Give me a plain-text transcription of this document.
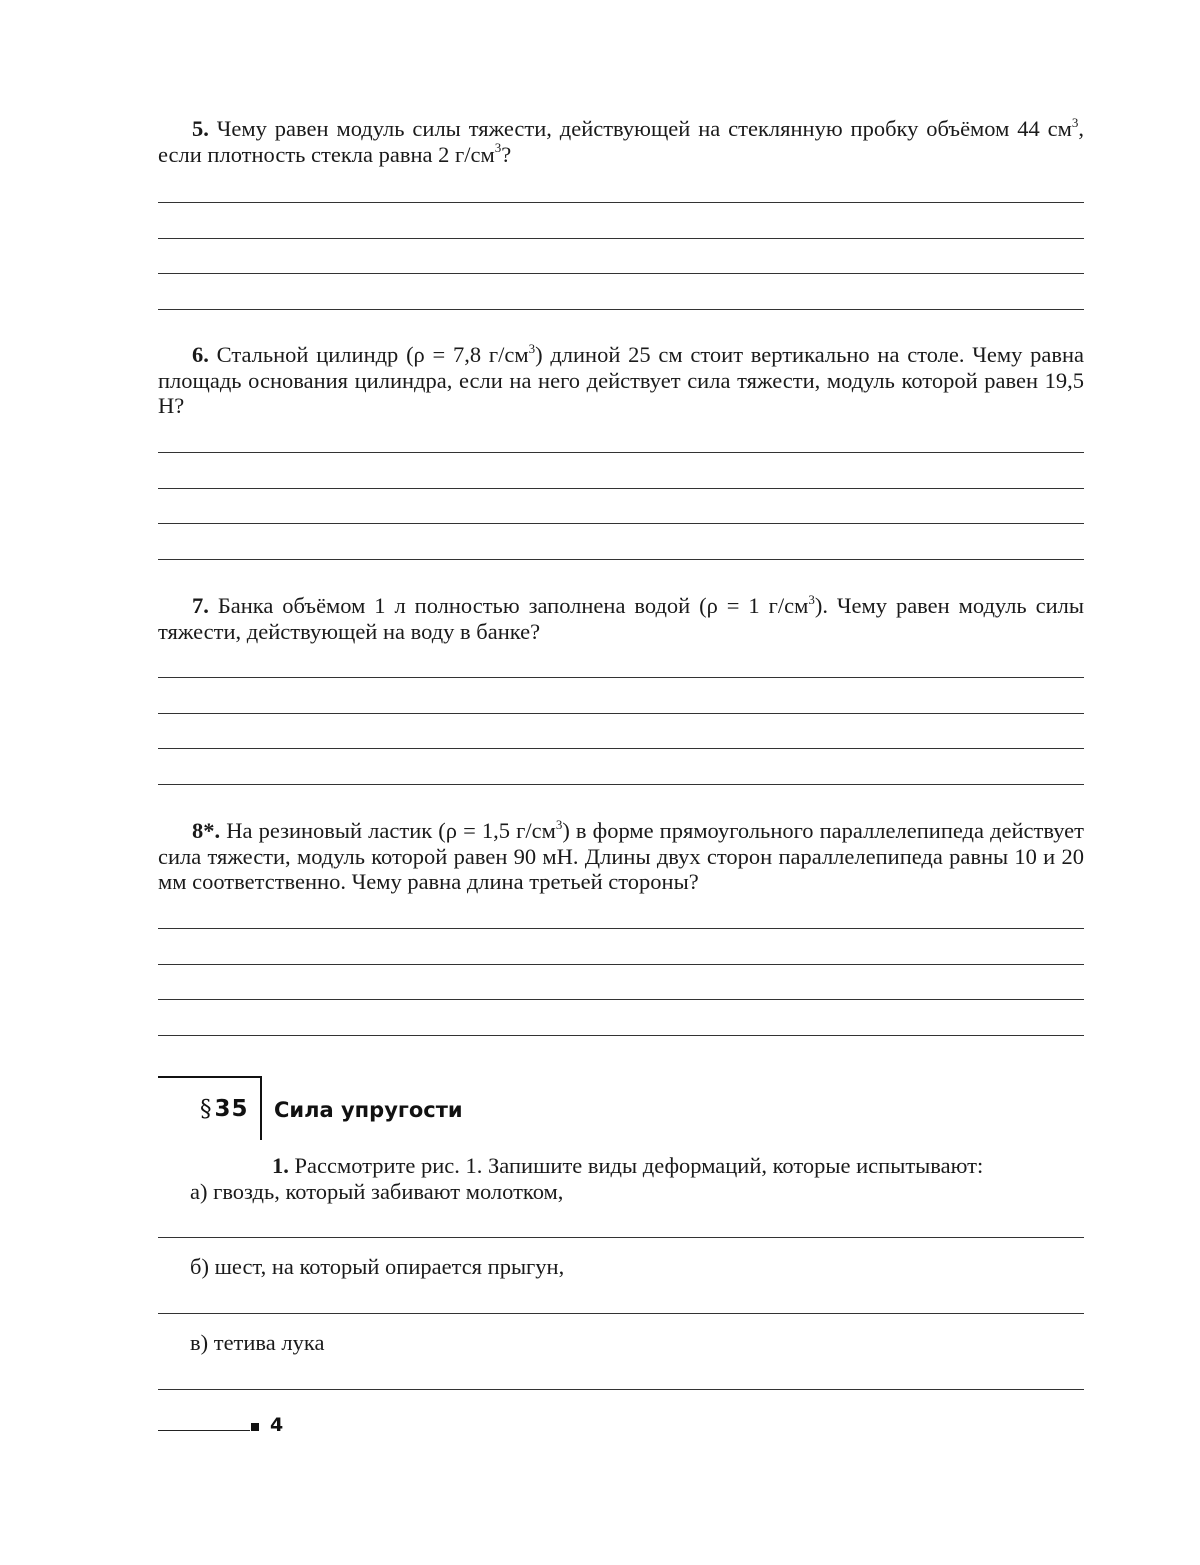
5. Чему равен модуль силы тяжести, действующей на стеклянную пробку объёмом 44 $см^3$, если плотность стекла равна 2 $г/см^3$?

6. Стальной цилиндр (ρ = 7,8 $г/см^3$) длиной 25 см стоит вертикально на столе. Чему равна площадь основания цилиндра, если на него действует сила тяжести, модуль которой равен 19,5 Н?

7. Банка объёмом 1 л полностью заполнена водой (ρ = 1 $г/см^3$). Чему равен модуль силы тяжести, действующей на воду в банке?

8*. На резиновый ластик (ρ = 1,5 $г/см^3$) в форме прямоугольного параллелепипеда действует сила тяжести, модуль которой равен 90 мН. Длины двух сторон параллелепипеда равны 10 и 20 мм соответственно. Чему равна длина третьей стороны?

§35 Сила упругости

1. Рассмотрите рис. 1. Запишите виды деформаций, которые испытывают:

а) гвоздь, который забивают молотком,
б) шест, на который опирается прыгун,
в) тетива лука
4
